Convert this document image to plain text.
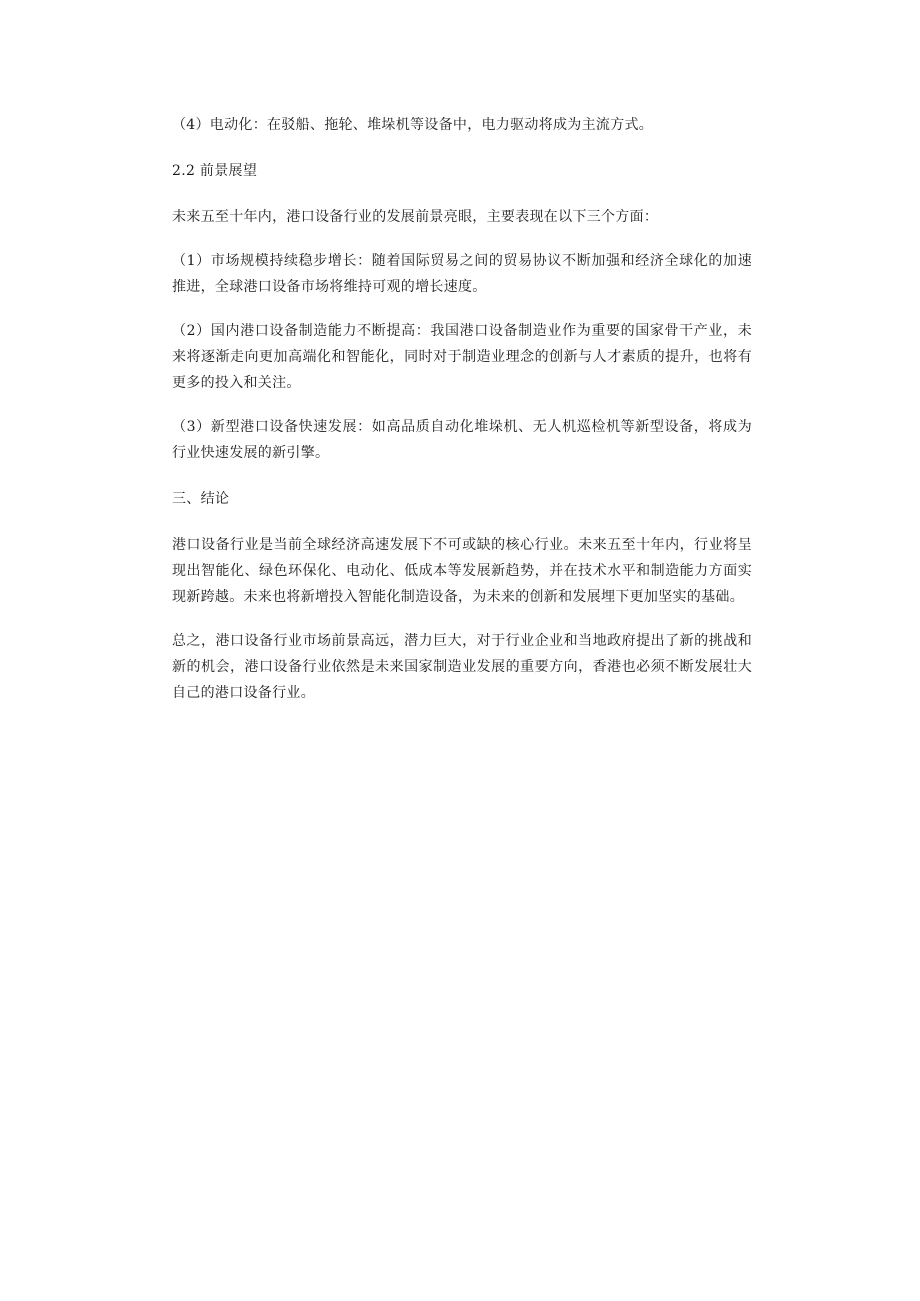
（4）电动化：在驳船、拖轮、堆垛机等设备中，电力驱动将成为主流方式。

2.2 前景展望

未来五至十年内，港口设备行业的发展前景亮眼，主要表现在以下三个方面：

（1）市场规模持续稳步增长：随着国际贸易之间的贸易协议不断加强和经济全球化的加速推进，全球港口设备市场将维持可观的增长速度。

（2）国内港口设备制造能力不断提高：我国港口设备制造业作为重要的国家骨干产业，未来将逐渐走向更加高端化和智能化，同时对于制造业理念的创新与人才素质的提升，也将有更多的投入和关注。

（3）新型港口设备快速发展：如高品质自动化堆垛机、无人机巡检机等新型设备，将成为行业快速发展的新引擎。

三、结论

港口设备行业是当前全球经济高速发展下不可或缺的核心行业。未来五至十年内，行业将呈现出智能化、绿色环保化、电动化、低成本等发展新趋势，并在技术水平和制造能力方面实现新跨越。未来也将新增投入智能化制造设备，为未来的创新和发展埋下更加坚实的基础。

总之，港口设备行业市场前景高远，潜力巨大，对于行业企业和当地政府提出了新的挑战和新的机会，港口设备行业依然是未来国家制造业发展的重要方向，香港也必须不断发展壮大自己的港口设备行业。
